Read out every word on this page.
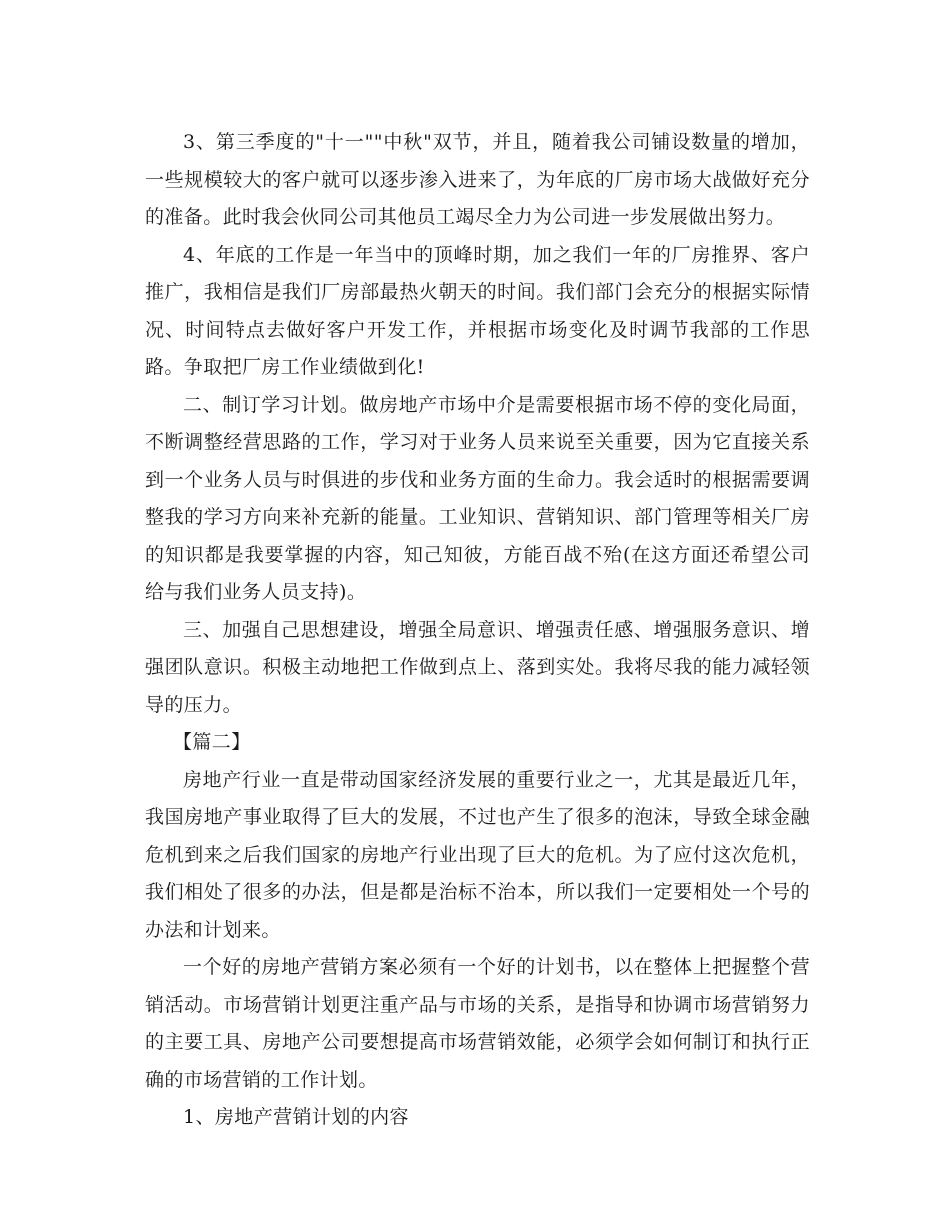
3、第三季度的"十一""中秋"双节，并且，随着我公司铺设数量的增加，一些规模较大的客户就可以逐步渗入进来了，为年底的厂房市场大战做好充分的准备。此时我会伙同公司其他员工竭尽全力为公司进一步发展做出努力。

4、年底的工作是一年当中的顶峰时期，加之我们一年的厂房推界、客户推广，我相信是我们厂房部最热火朝天的时间。我们部门会充分的根据实际情况、时间特点去做好客户开发工作，并根据市场变化及时调节我部的工作思路。争取把厂房工作业绩做到化!

二、制订学习计划。做房地产市场中介是需要根据市场不停的变化局面，不断调整经营思路的工作，学习对于业务人员来说至关重要，因为它直接关系到一个业务人员与时俱进的步伐和业务方面的生命力。我会适时的根据需要调整我的学习方向来补充新的能量。工业知识、营销知识、部门管理等相关厂房的知识都是我要掌握的内容，知己知彼，方能百战不殆(在这方面还希望公司给与我们业务人员支持)。

三、加强自己思想建设，增强全局意识、增强责任感、增强服务意识、增强团队意识。积极主动地把工作做到点上、落到实处。我将尽我的能力减轻领导的压力。

【篇二】

房地产行业一直是带动国家经济发展的重要行业之一，尤其是最近几年，我国房地产事业取得了巨大的发展，不过也产生了很多的泡沫，导致全球金融危机到来之后我们国家的房地产行业出现了巨大的危机。为了应付这次危机，我们相处了很多的办法，但是都是治标不治本，所以我们一定要相处一个号的办法和计划来。

一个好的房地产营销方案必须有一个好的计划书，以在整体上把握整个营销活动。市场营销计划更注重产品与市场的关系，是指导和协调市场营销努力的主要工具、房地产公司要想提高市场营销效能，必须学会如何制订和执行正确的市场营销的工作计划。

1、房地产营销计划的内容
